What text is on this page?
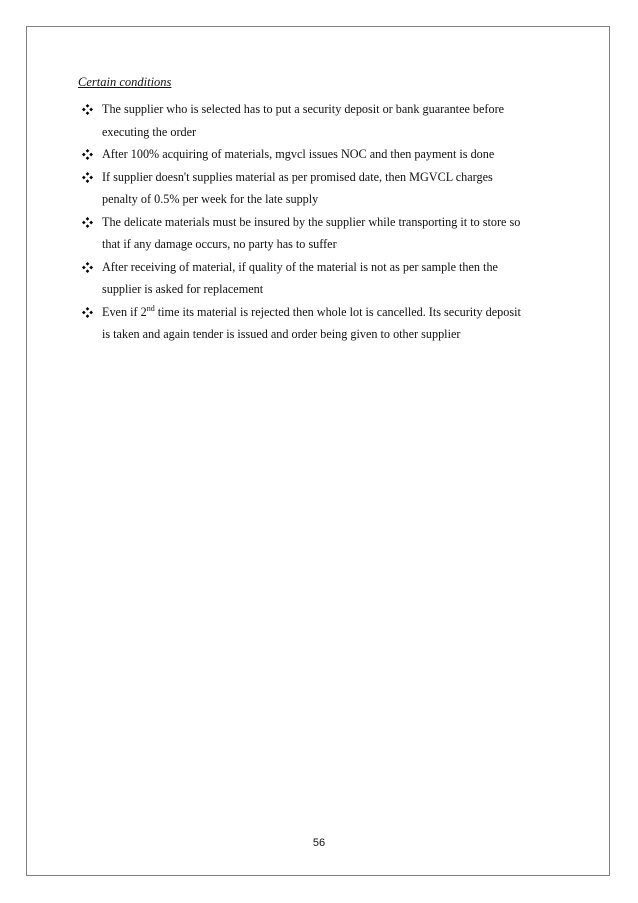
Certain conditions
The supplier who is selected has to put a security deposit or bank guarantee before
executing the order
After 100% acquiring of materials, mgvcl issues NOC and then payment is done
If supplier doesn't supplies material as per promised date, then MGVCL charges
penalty of 0.5% per week for the late supply
The delicate materials must be insured by the supplier while transporting it to store so
that if any damage occurs, no party has to suffer
After receiving of material, if quality of the material is not as per sample then the
supplier is asked for replacement
Even if 2nd time its material is rejected then whole lot is cancelled. Its security deposit
is taken and again tender is issued and order being given to other supplier
56
